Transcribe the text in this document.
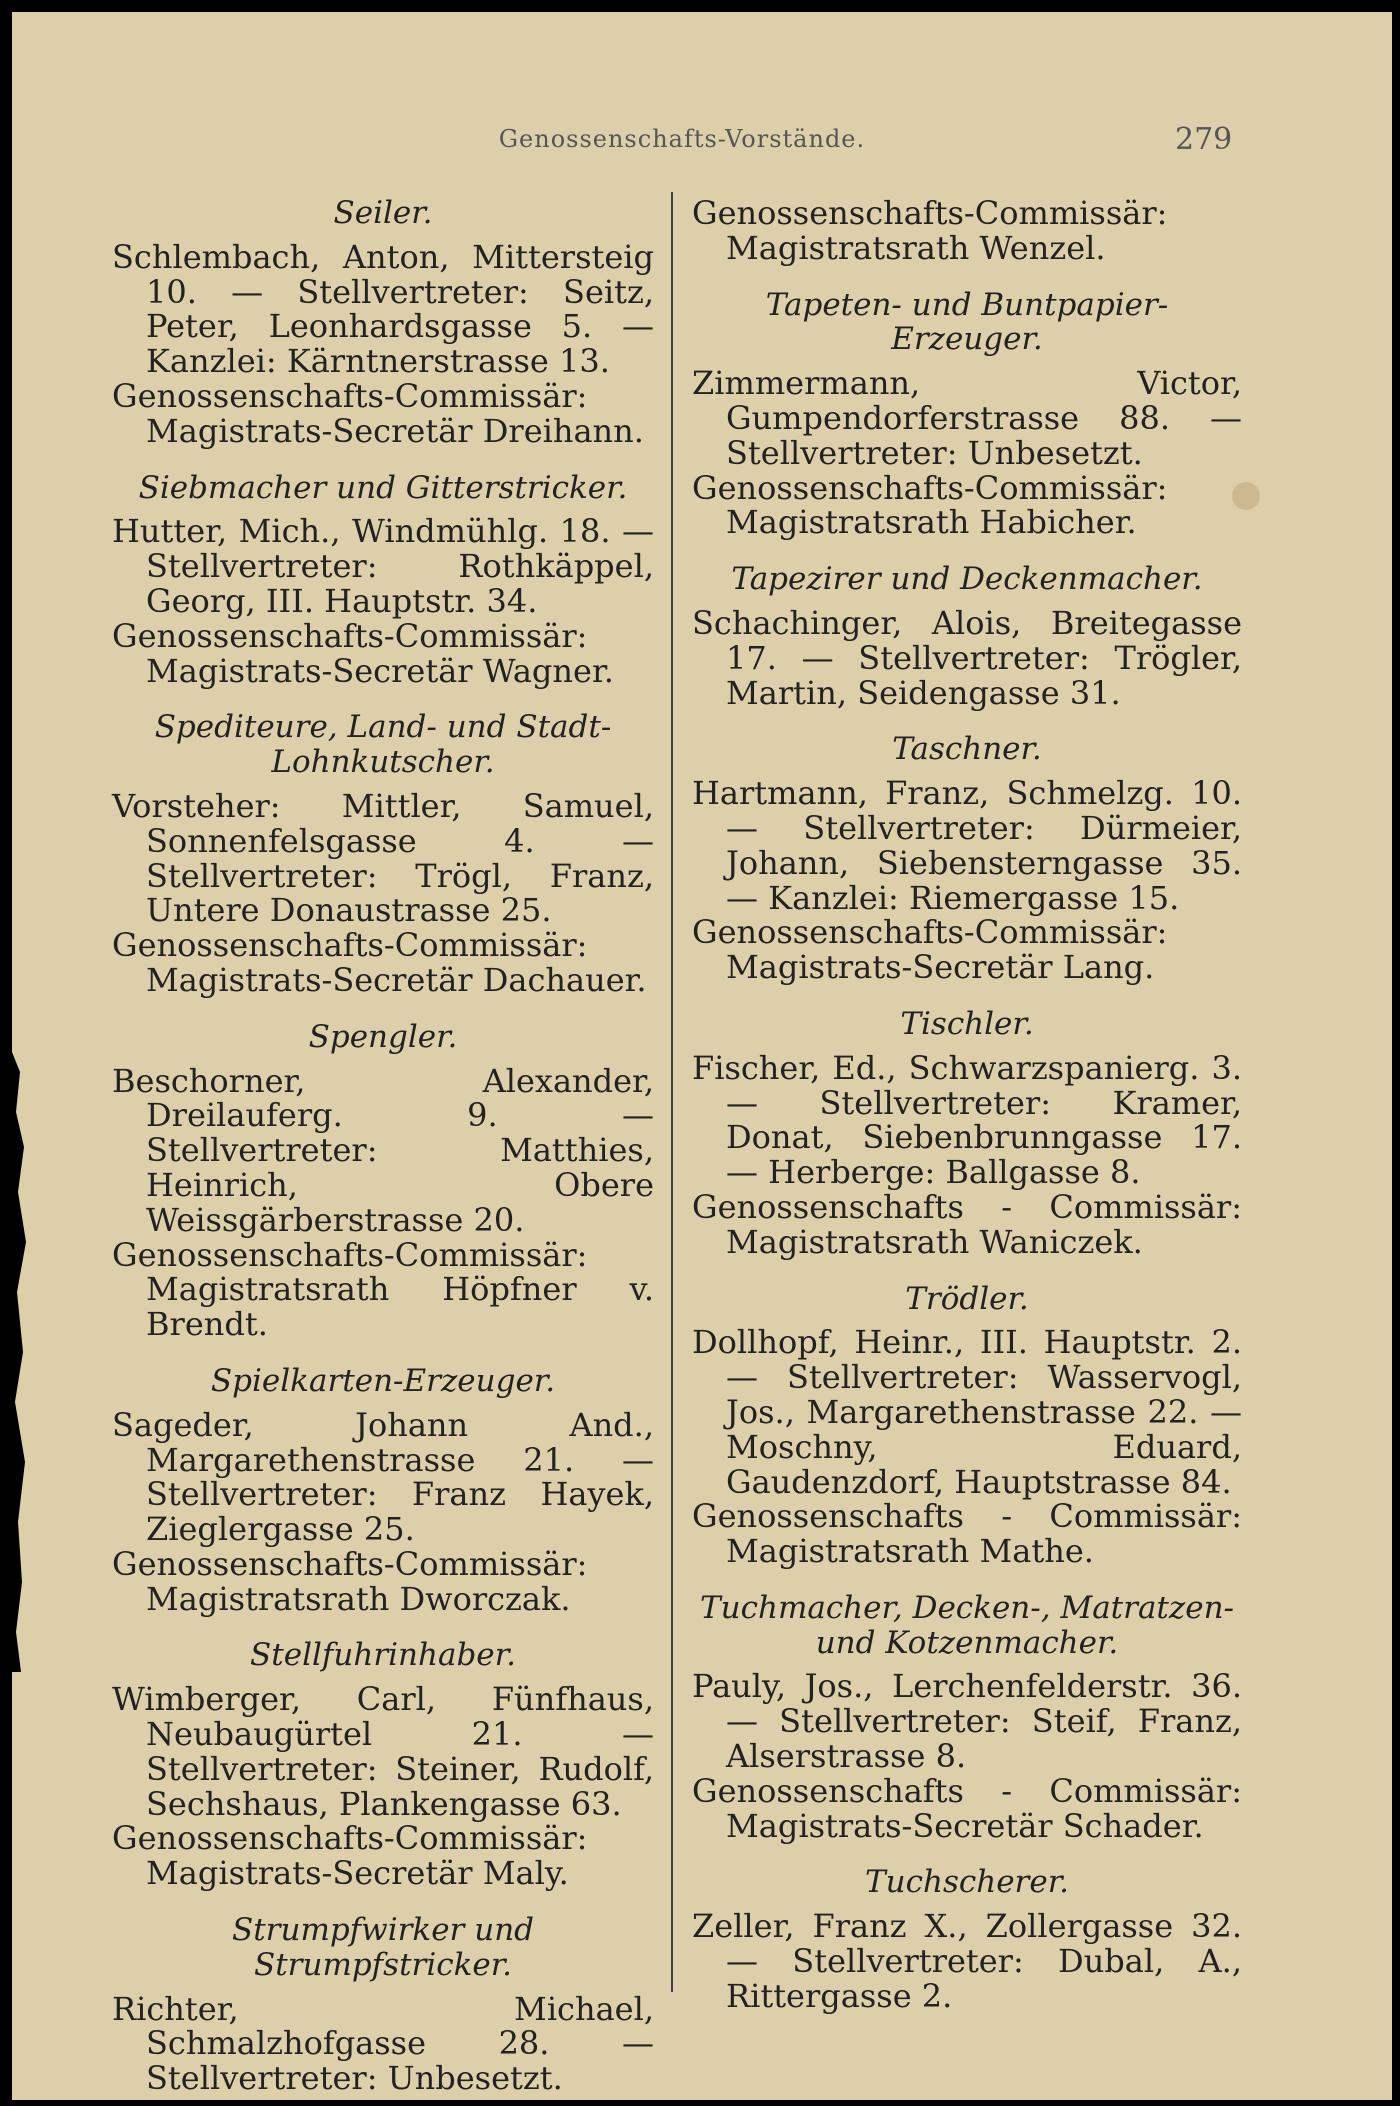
Genossenschafts-Vorstände.	279
Seiler.
Schlembach, Anton, Mittersteig 10. — Stellvertreter: Seitz, Peter, Leonhardsgasse 5. — Kanzlei: Kärntnerstrasse 13.
Genossenschafts-Commissär: Magistrats-Secretär Dreihann.
Siebmacher und Gitterstricker.
Hutter, Mich., Windmühlg. 18. — Stellvertreter: Rothkäppel, Georg, III. Hauptstr. 34.
Genossenschafts-Commissär: Magistrats-Secretär Wagner.
Spediteure, Land- und Stadt-Lohnkutscher.
Vorsteher: Mittler, Samuel, Sonnenfelsgasse 4. — Stellvertreter: Trögl, Franz, Untere Donaustrasse 25.
Genossenschafts-Commissär: Magistrats-Secretär Dachauer.
Spengler.
Beschorner, Alexander, Dreilauferg. 9. — Stellvertreter: Matthies, Heinrich, Obere Weissgärberstrasse 20.
Genossenschafts-Commissär: Magistratsrath Höpfner v. Brendt.
Spielkarten-Erzeuger.
Sageder, Johann And., Margarethenstrasse 21. — Stellvertreter: Franz Hayek, Zieglergasse 25.
Genossenschafts-Commissär: Magistratsrath Dworczak.
Stellfuhrinhaber.
Wimberger, Carl, Fünfhaus, Neubaugürtel 21. — Stellvertreter: Steiner, Rudolf, Sechshaus, Plankengasse 63.
Genossenschafts-Commissär: Magistrats-Secretär Maly.
Strumpfwirker und Strumpfstricker.
Richter, Michael, Schmalzhofgasse 28. — Stellvertreter: Unbesetzt.
Genossenschafts-Commissär: Magistratsrath Wenzel.
Tapeten- und Buntpapier-Erzeuger.
Zimmermann, Victor, Gumpendorferstrasse 88. — Stellvertreter: Unbesetzt.
Genossenschafts-Commissär: Magistratsrath Habicher.
Tapezirer und Deckenmacher.
Schachinger, Alois, Breitegasse 17. — Stellvertreter: Trögler, Martin, Seidengasse 31.
Taschner.
Hartmann, Franz, Schmelzg. 10. — Stellvertreter: Dürmeier, Johann, Siebensterngasse 35. — Kanzlei: Riemergasse 15.
Genossenschafts-Commissär: Magistrats-Secretär Lang.
Tischler.
Fischer, Ed., Schwarzspanierg. 3. — Stellvertreter: Kramer, Donat, Siebenbrunngasse 17. — Herberge: Ballgasse 8.
Genossenschafts - Commissär: Magistratsrath Waniczek.
Trödler.
Dollhopf, Heinr., III. Hauptstr. 2. — Stellvertreter: Wasservogl, Jos., Margarethenstrasse 22. — Moschny, Eduard, Gaudenzdorf, Hauptstrasse 84.
Genossenschafts - Commissär: Magistratsrath Mathe.
Tuchmacher, Decken-, Matratzen- und Kotzenmacher.
Pauly, Jos., Lerchenfelderstr. 36. — Stellvertreter: Steif, Franz, Alserstrasse 8.
Genossenschafts - Commissär: Magistrats-Secretär Schader.
Tuchscherer.
Zeller, Franz X., Zollergasse 32. — Stellvertreter: Dubal, A., Rittergasse 2.
